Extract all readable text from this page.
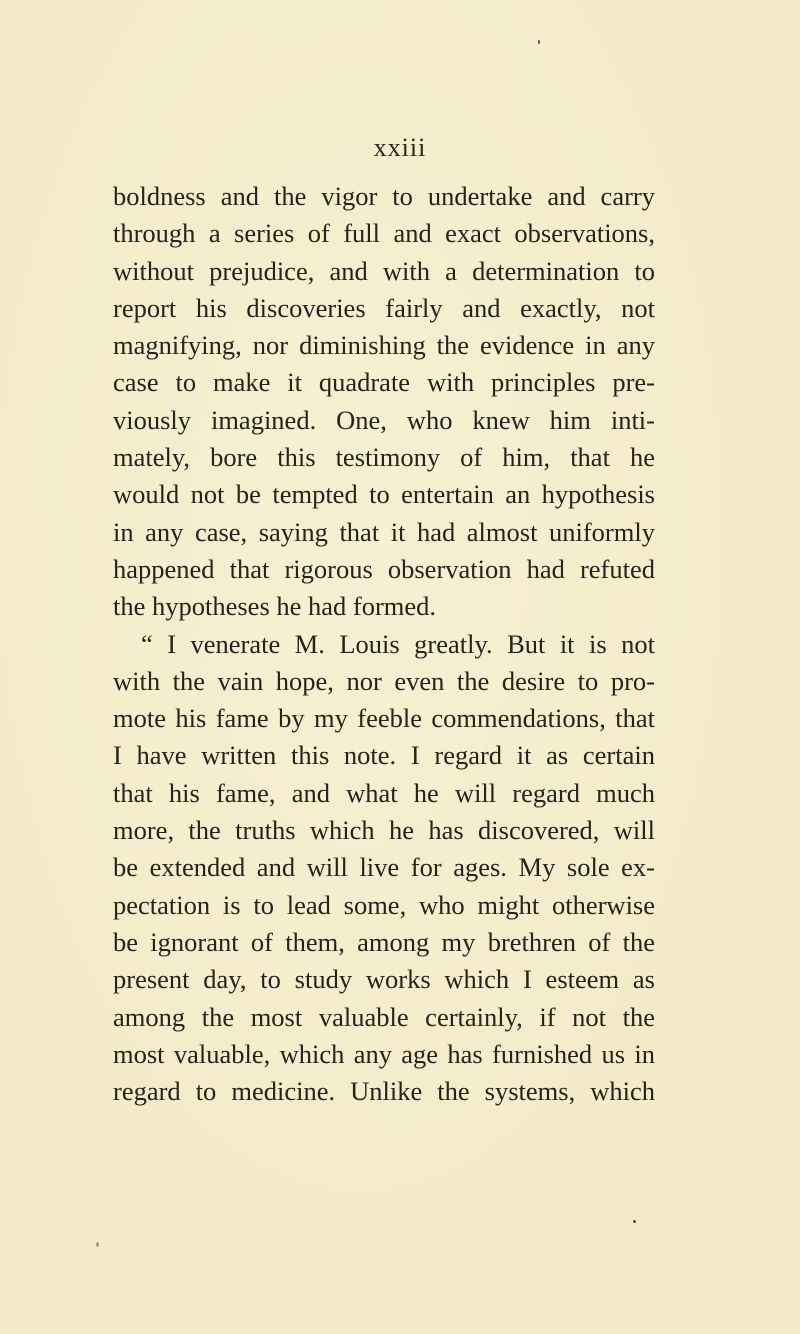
xxiii
boldness and the vigor to undertake and carry
through a series of full and exact observations,
without prejudice, and with a determination to
report his discoveries fairly and exactly, not
magnifying, nor diminishing the evidence in any
case to make it quadrate with principles pre-
viously imagined. One, who knew him inti-
mately, bore this testimony of him, that he
would not be tempted to entertain an hypothesis
in any case, saying that it had almost uniformly
happened that rigorous observation had refuted
the hypotheses he had formed.
“ I venerate M. Louis greatly. But it is not
with the vain hope, nor even the desire to pro-
mote his fame by my feeble commendations, that
I have written this note. I regard it as certain
that his fame, and what he will regard much
more, the truths which he has discovered, will
be extended and will live for ages. My sole ex-
pectation is to lead some, who might otherwise
be ignorant of them, among my brethren of the
present day, to study works which I esteem as
among the most valuable certainly, if not the
most valuable, which any age has furnished us in
regard to medicine. Unlike the systems, which
